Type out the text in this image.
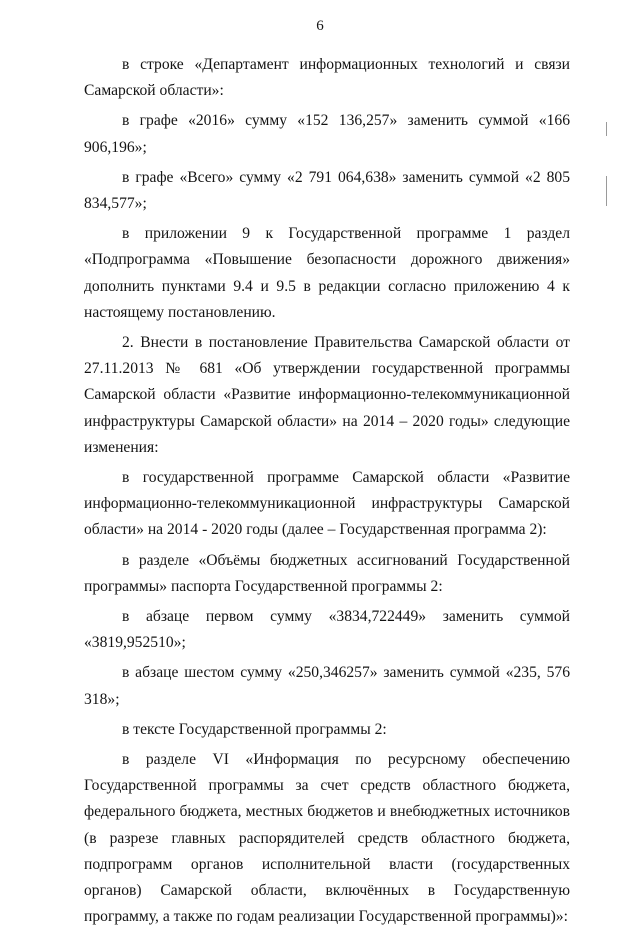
6

в строке «Департамент информационных технологий и связи Самарской области»:

в графе «2016» сумму «152 136,257» заменить суммой «166 906,196»;

в графе «Всего» сумму «2 791 064,638» заменить суммой «2 805 834,577»;

в приложении 9 к Государственной программе 1 раздел «Подпрограмма «Повышение безопасности дорожного движения» дополнить пунктами 9.4 и 9.5 в редакции согласно приложению 4 к настоящему постановлению.

2. Внести в постановление Правительства Самарской области от 27.11.2013 № 681 «Об утверждении государственной программы Самарской области «Развитие информационно-телекоммуникационной инфраструктуры Самарской области» на 2014 – 2020 годы» следующие изменения:

в государственной программе Самарской области «Развитие информационно-телекоммуникационной инфраструктуры Самарской области» на 2014 - 2020 годы (далее – Государственная программа 2):

в разделе «Объёмы бюджетных ассигнований Государственной программы» паспорта Государственной программы 2:

в абзаце первом сумму «3834,722449» заменить суммой «3819,952510»;

в абзаце шестом сумму «250,346257» заменить суммой «235, 576 318»;

в тексте Государственной программы 2:

в разделе VI «Информация по ресурсному обеспечению Государственной программы за счет средств областного бюджета, федерального бюджета, местных бюджетов и внебюджетных источников (в разрезе главных распорядителей средств областного бюджета, подпрограмм органов исполнительной власти (государственных органов) Самарской области, включённых в Государственную программу, а также по годам реализации Государственной программы)»:
